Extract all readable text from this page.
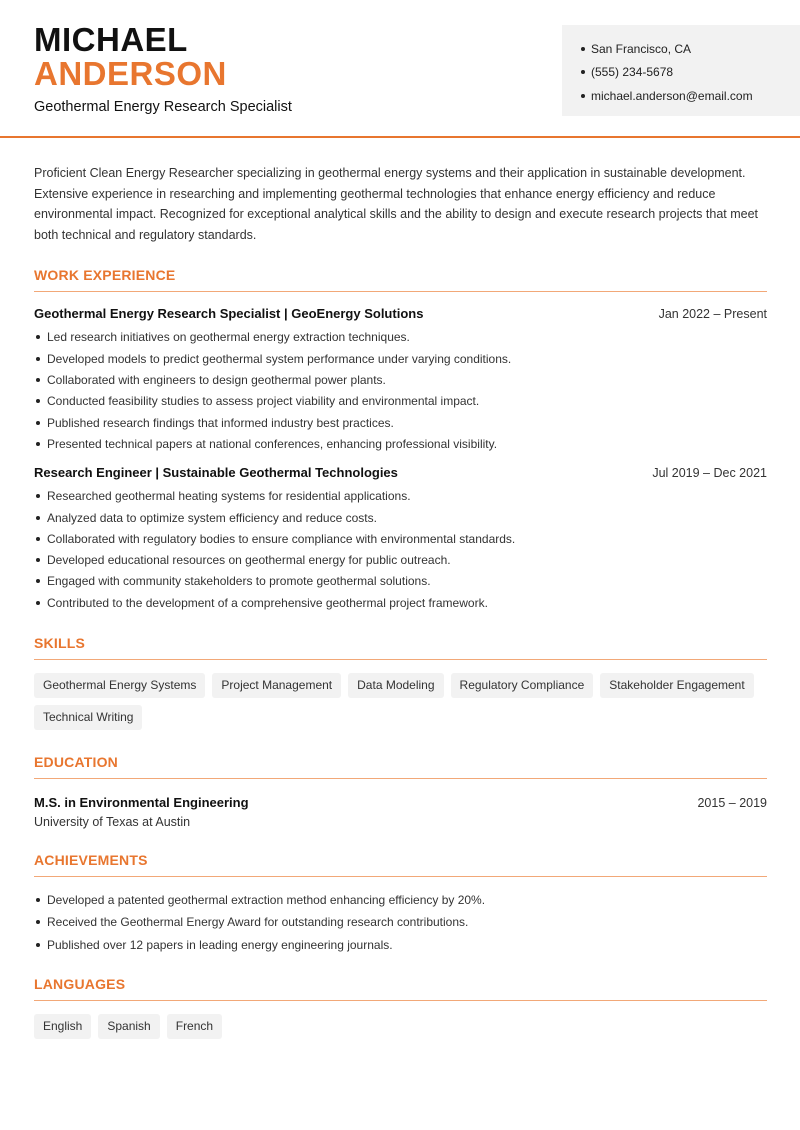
MICHAEL
ANDERSON
Geothermal Energy Research Specialist
San Francisco, CA
(555) 234-5678
michael.anderson@email.com

Proficient Clean Energy Researcher specializing in geothermal energy systems and their application in sustainable development. Extensive experience in researching and implementing geothermal technologies that enhance energy efficiency and reduce environmental impact. Recognized for exceptional analytical skills and the ability to design and execute research projects that meet both technical and regulatory standards.

WORK EXPERIENCE
Geothermal Energy Research Specialist | GeoEnergy Solutions	Jan 2022 – Present
Led research initiatives on geothermal energy extraction techniques.
Developed models to predict geothermal system performance under varying conditions.
Collaborated with engineers to design geothermal power plants.
Conducted feasibility studies to assess project viability and environmental impact.
Published research findings that informed industry best practices.
Presented technical papers at national conferences, enhancing professional visibility.
Research Engineer | Sustainable Geothermal Technologies	Jul 2019 – Dec 2021
Researched geothermal heating systems for residential applications.
Analyzed data to optimize system efficiency and reduce costs.
Collaborated with regulatory bodies to ensure compliance with environmental standards.
Developed educational resources on geothermal energy for public outreach.
Engaged with community stakeholders to promote geothermal solutions.
Contributed to the development of a comprehensive geothermal project framework.
SKILLS
Geothermal Energy Systems	Project Management	Data Modeling	Regulatory Compliance	Stakeholder Engagement
Technical Writing
EDUCATION
M.S. in Environmental Engineering	2015 – 2019
University of Texas at Austin
ACHIEVEMENTS
Developed a patented geothermal extraction method enhancing efficiency by 20%.
Received the Geothermal Energy Award for outstanding research contributions.
Published over 12 papers in leading energy engineering journals.
LANGUAGES
English	Spanish	French
